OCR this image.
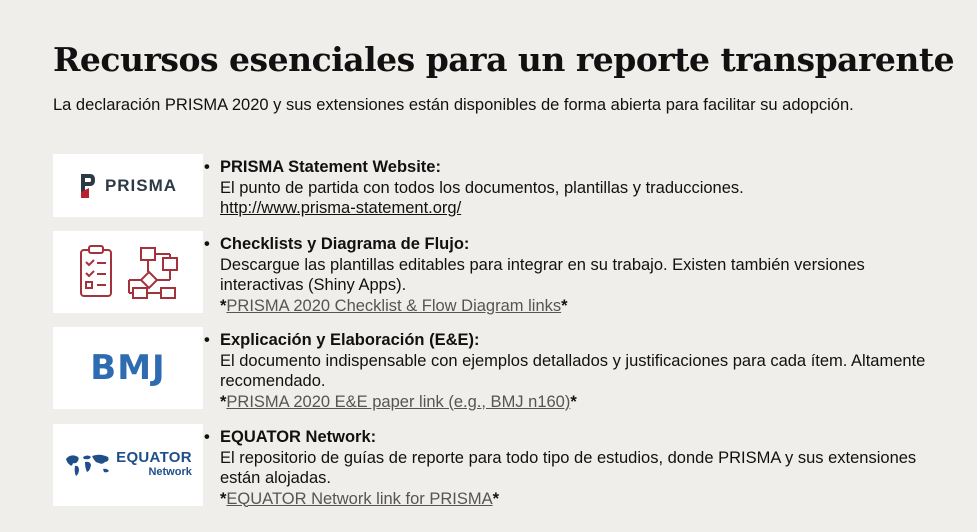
Recursos esenciales para un reporte transparente
La declaración PRISMA 2020 y sus extensiones están disponibles de forma abierta para facilitar su adopción.
PRISMA
• PRISMA Statement Website:
El punto de partida con todos los documentos, plantillas y traducciones.
http://www.prisma-statement.org/
• Checklists y Diagrama de Flujo:
Descargue las plantillas editables para integrar en su trabajo. Existen también versiones interactivas (Shiny Apps).
*PRISMA 2020 Checklist & Flow Diagram links*
BMJ
• Explicación y Elaboración (E&E):
El documento indispensable con ejemplos detallados y justificaciones para cada ítem. Altamente recomendado.
*PRISMA 2020 E&E paper link (e.g., BMJ n160)*
EQUATOR
Network
• EQUATOR Network:
El repositorio de guías de reporte para todo tipo de estudios, donde PRISMA y sus extensiones están alojadas.
*EQUATOR Network link for PRISMA*
